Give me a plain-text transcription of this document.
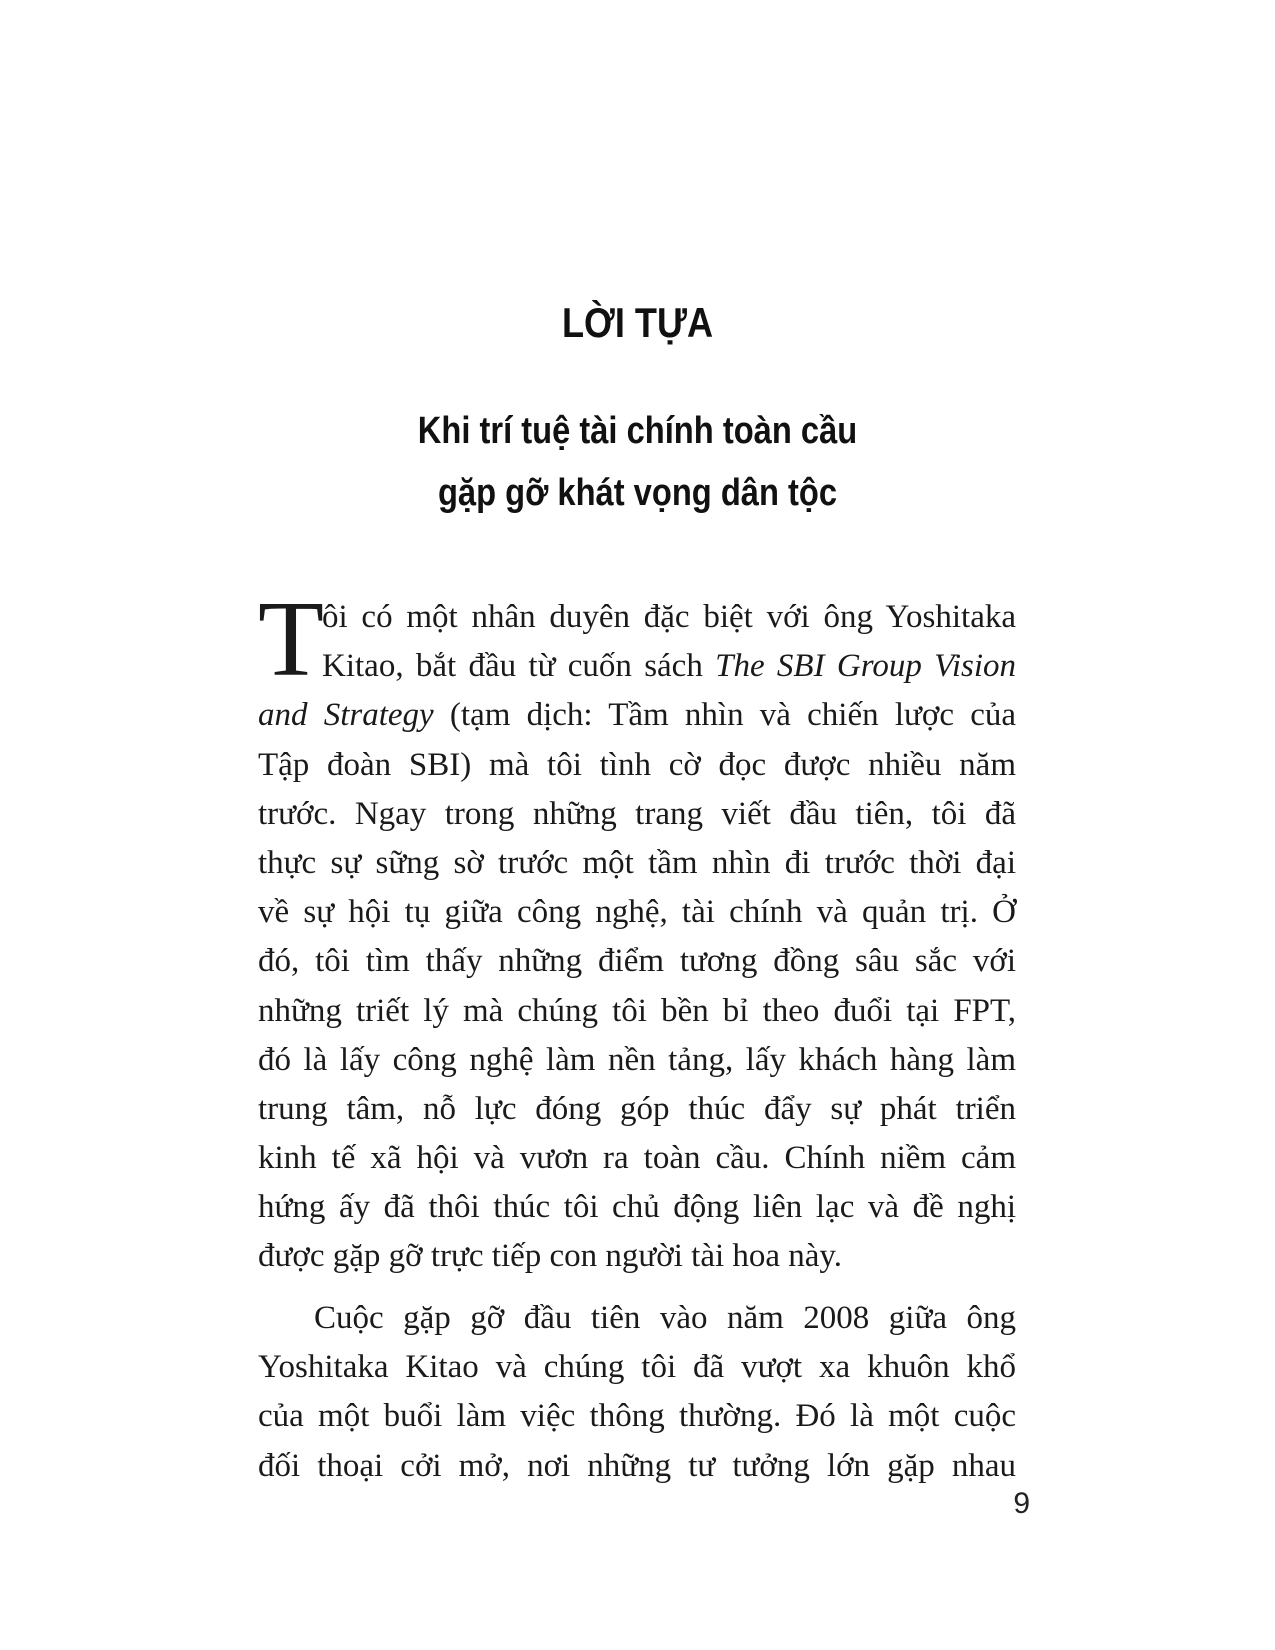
LỜI TỰA
Khi trí tuệ tài chính toàn cầu
gặp gỡ khát vọng dân tộc
T
ôi có một nhân duyên đặc biệt với ông Yoshitaka
Kitao, bắt đầu từ cuốn sách The SBI Group Vision
and Strategy (tạm dịch: Tầm nhìn và chiến lược của
Tập đoàn SBI) mà tôi tình cờ đọc được nhiều năm
trước. Ngay trong những trang viết đầu tiên, tôi đã
thực sự sững sờ trước một tầm nhìn đi trước thời đại
về sự hội tụ giữa công nghệ, tài chính và quản trị. Ở
đó, tôi tìm thấy những điểm tương đồng sâu sắc với
những triết lý mà chúng tôi bền bỉ theo đuổi tại FPT,
đó là lấy công nghệ làm nền tảng, lấy khách hàng làm
trung tâm, nỗ lực đóng góp thúc đẩy sự phát triển
kinh tế xã hội và vươn ra toàn cầu. Chính niềm cảm
hứng ấy đã thôi thúc tôi chủ động liên lạc và đề nghị
được gặp gỡ trực tiếp con người tài hoa này.
Cuộc gặp gỡ đầu tiên vào năm 2008 giữa ông
Yoshitaka Kitao và chúng tôi đã vượt xa khuôn khổ
của một buổi làm việc thông thường. Đó là một cuộc
đối thoại cởi mở, nơi những tư tưởng lớn gặp nhau
9
